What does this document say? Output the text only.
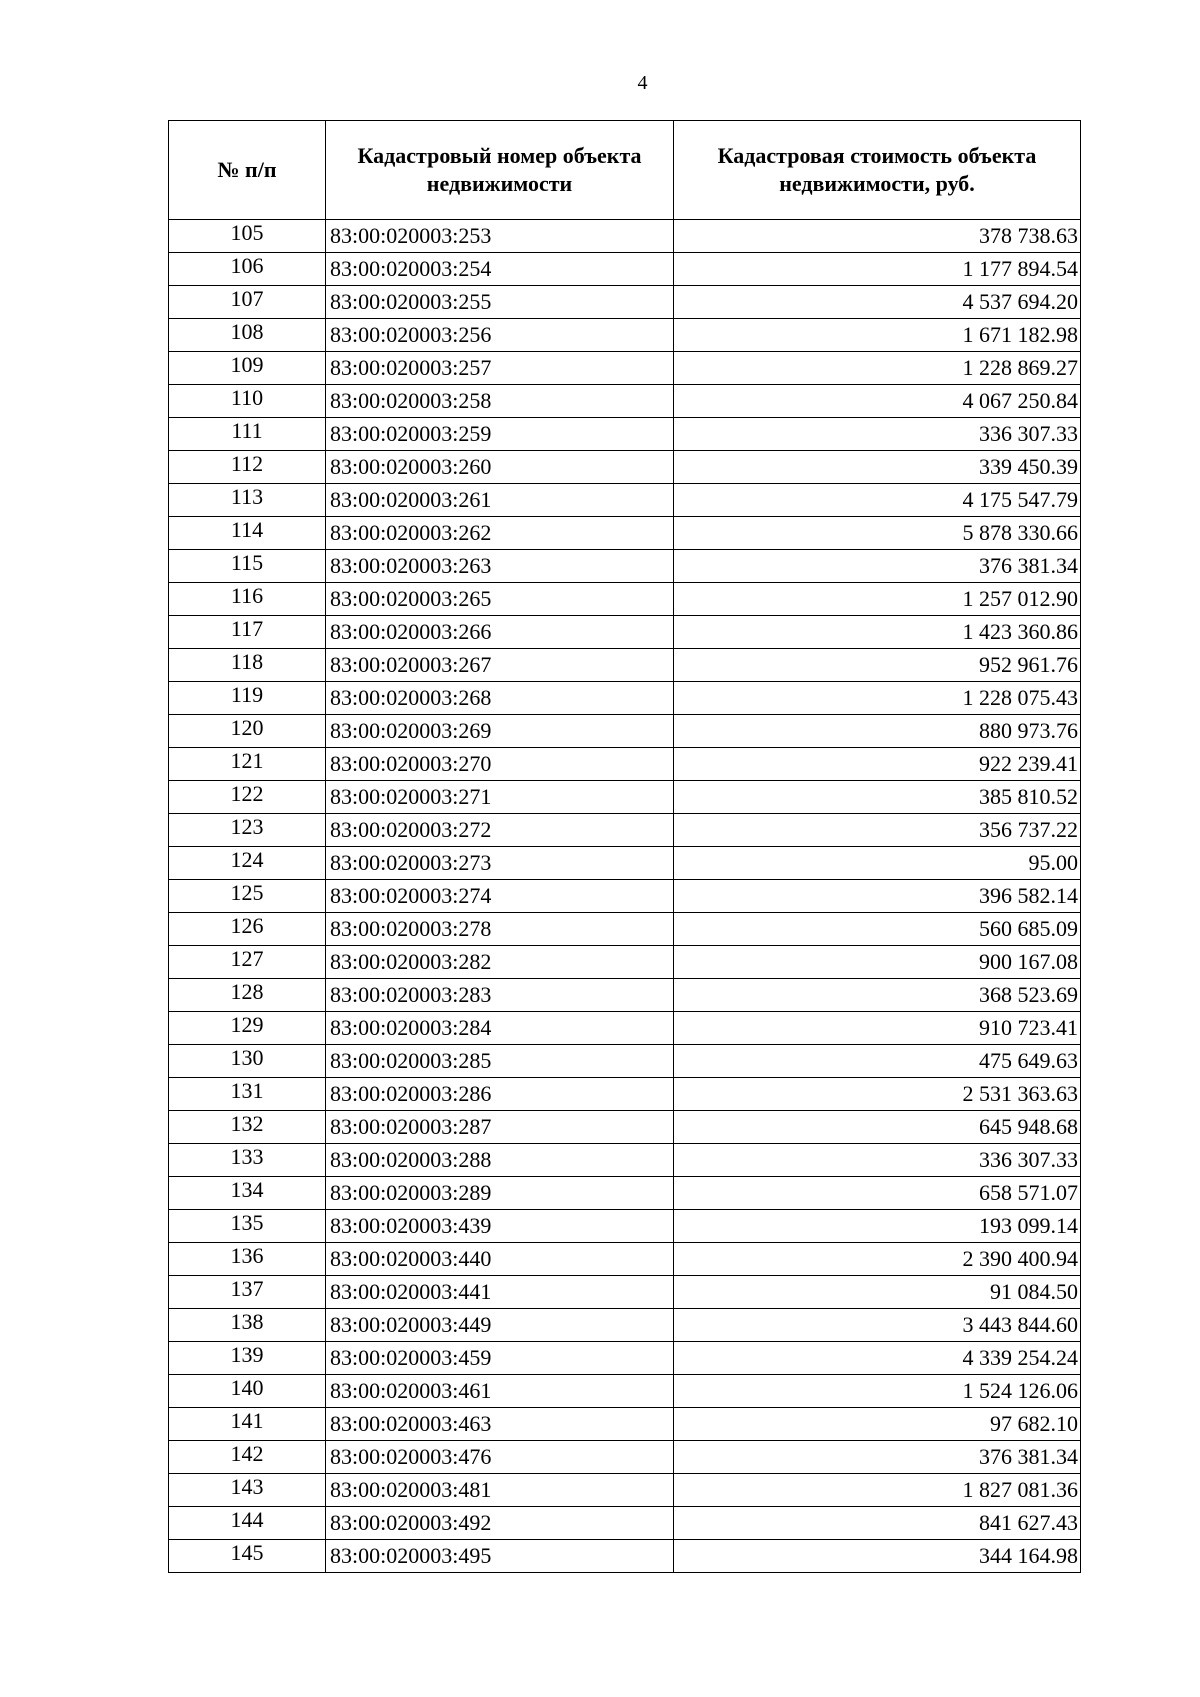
4
№ п/п	Кадастровый номер объекта недвижимости	Кадастровая стоимость объекта недвижимости, руб.
105	83:00:020003:253	378 738.63
106	83:00:020003:254	1 177 894.54
107	83:00:020003:255	4 537 694.20
108	83:00:020003:256	1 671 182.98
109	83:00:020003:257	1 228 869.27
110	83:00:020003:258	4 067 250.84
111	83:00:020003:259	336 307.33
112	83:00:020003:260	339 450.39
113	83:00:020003:261	4 175 547.79
114	83:00:020003:262	5 878 330.66
115	83:00:020003:263	376 381.34
116	83:00:020003:265	1 257 012.90
117	83:00:020003:266	1 423 360.86
118	83:00:020003:267	952 961.76
119	83:00:020003:268	1 228 075.43
120	83:00:020003:269	880 973.76
121	83:00:020003:270	922 239.41
122	83:00:020003:271	385 810.52
123	83:00:020003:272	356 737.22
124	83:00:020003:273	95.00
125	83:00:020003:274	396 582.14
126	83:00:020003:278	560 685.09
127	83:00:020003:282	900 167.08
128	83:00:020003:283	368 523.69
129	83:00:020003:284	910 723.41
130	83:00:020003:285	475 649.63
131	83:00:020003:286	2 531 363.63
132	83:00:020003:287	645 948.68
133	83:00:020003:288	336 307.33
134	83:00:020003:289	658 571.07
135	83:00:020003:439	193 099.14
136	83:00:020003:440	2 390 400.94
137	83:00:020003:441	91 084.50
138	83:00:020003:449	3 443 844.60
139	83:00:020003:459	4 339 254.24
140	83:00:020003:461	1 524 126.06
141	83:00:020003:463	97 682.10
142	83:00:020003:476	376 381.34
143	83:00:020003:481	1 827 081.36
144	83:00:020003:492	841 627.43
145	83:00:020003:495	344 164.98
